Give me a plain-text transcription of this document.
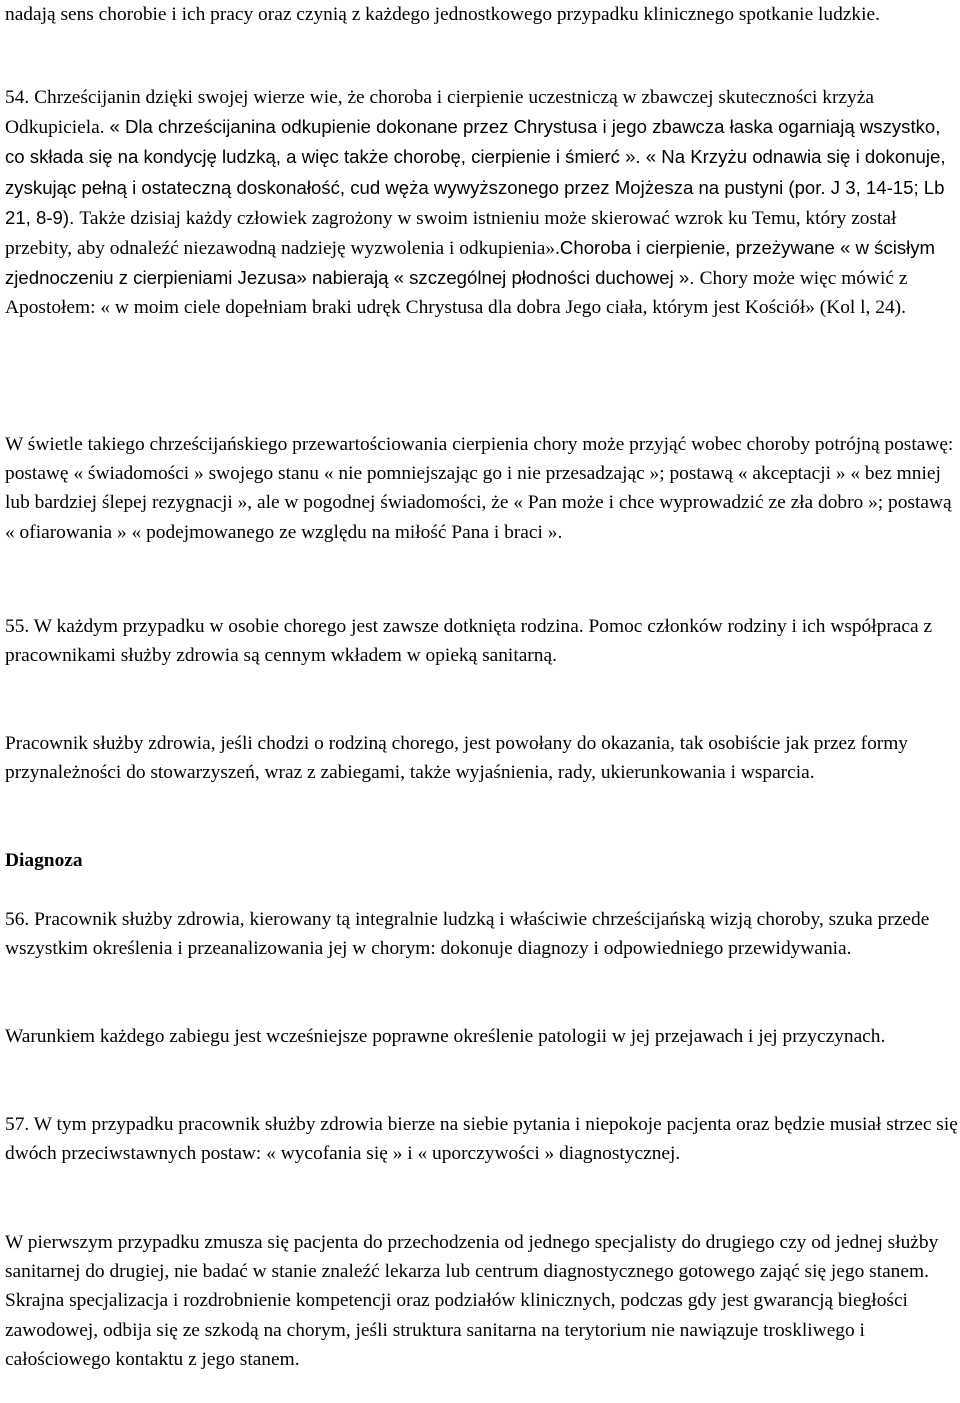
nadają sens chorobie i ich pracy oraz czynią z każdego jednostkowego przypadku klinicznego spotkanie ludzkie.

54. Chrześcijanin dzięki swojej wierze wie, że choroba i cierpienie uczestniczą w zbawczej skuteczności krzyża Odkupiciela. « Dla chrześcijanina odkupienie dokonane przez Chrystusa i jego zbawcza łaska ogarniają wszystko, co składa się na kondycję ludzką, a więc także chorobę, cierpienie i śmierć ». « Na Krzyżu odnawia się i dokonuje, zyskując pełną i ostateczną doskonałość, cud węża wywyższonego przez Mojżesza na pustyni (por. J 3, 14-15; Lb 21, 8-9). Także dzisiaj każdy człowiek zagrożony w swoim istnieniu może skierować wzrok ku Temu, który został przebity, aby odnaleźć niezawodną nadzieję wyzwolenia i odkupienia».Choroba i cierpienie, przeżywane « w ścisłym zjednoczeniu z cierpieniami Jezusa» nabierają « szczególnej płodności duchowej ». Chory może więc mówić z Apostołem: « w moim ciele dopełniam braki udręk Chrystusa dla dobra Jego ciała, którym jest Kościół» (Kol l, 24).

W świetle takiego chrześcijańskiego przewartościowania cierpienia chory może przyjąć wobec choroby potrójną postawę: postawę « świadomości » swojego stanu « nie pomniejszając go i nie przesadzając »; postawą « akceptacji » « bez mniej lub bardziej ślepej rezygnacji », ale w pogodnej świadomości, że « Pan może i chce wyprowadzić ze zła dobro »; postawą « ofiarowania » « podejmowanego ze względu na miłość Pana i braci ».

55. W każdym przypadku w osobie chorego jest zawsze dotknięta rodzina. Pomoc członków rodziny i ich współpraca z pracownikami służby zdrowia są cennym wkładem w opieką sanitarną.

Pracownik służby zdrowia, jeśli chodzi o rodziną chorego, jest powołany do okazania, tak osobiście jak przez formy przynależności do stowarzyszeń, wraz z zabiegami, także wyjaśnienia, rady, ukierunkowania i wsparcia.

Diagnoza

56. Pracownik służby zdrowia, kierowany tą integralnie ludzką i właściwie chrześcijańską wizją choroby, szuka przede wszystkim określenia i przeanalizowania jej w chorym: dokonuje diagnozy i odpowiedniego przewidywania.

Warunkiem każdego zabiegu jest wcześniejsze poprawne określenie patologii w jej przejawach i jej przyczynach.

57. W tym przypadku pracownik służby zdrowia bierze na siebie pytania i niepokoje pacjenta oraz będzie musiał strzec się dwóch przeciwstawnych postaw: « wycofania się » i « uporczywości » diagnostycznej.

W pierwszym przypadku zmusza się pacjenta do przechodzenia od jednego specjalisty do drugiego czy od jednej służby sanitarnej do drugiej, nie badać w stanie znaleźć lekarza lub centrum diagnostycznego gotowego zająć się jego stanem. Skrajna specjalizacja i rozdrobnienie kompetencji oraz podziałów klinicznych, podczas gdy jest gwarancją biegłości zawodowej, odbija się ze szkodą na chorym, jeśli struktura sanitarna na terytorium nie nawiązuje troskliwego i całościowego kontaktu z jego stanem.
